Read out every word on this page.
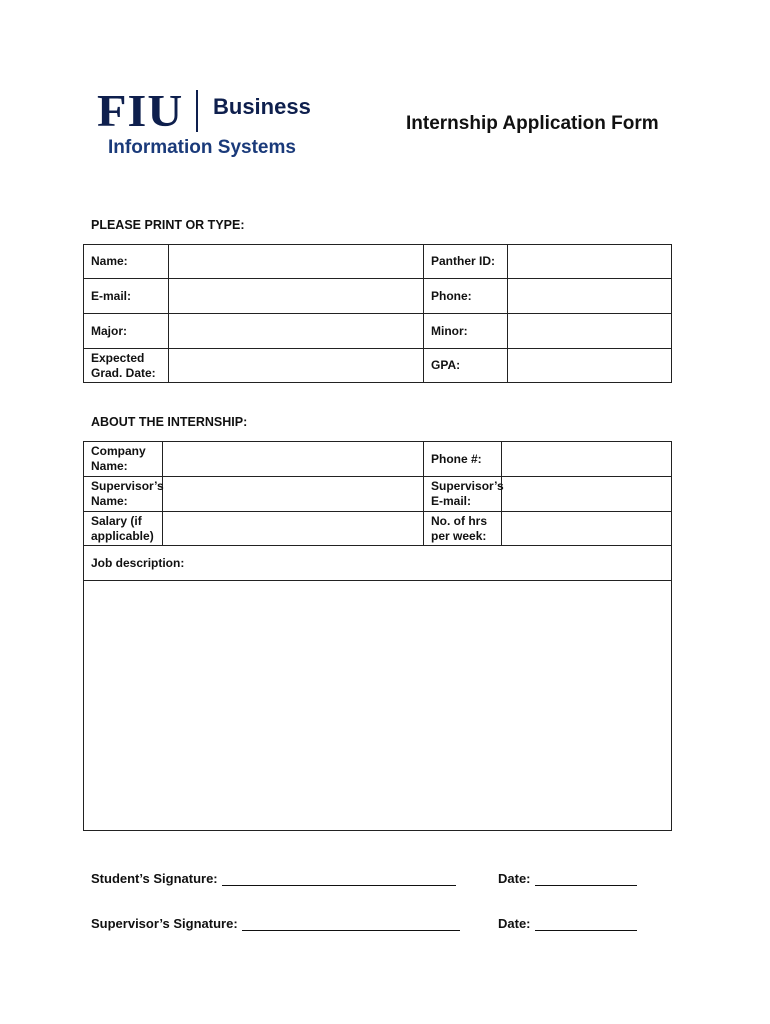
FIU Business
Information Systems
Internship Application Form
PLEASE PRINT OR TYPE:
Name:		Panther ID:	
E-mail:		Phone:	
Major:		Minor:	

Expected
Grad. Date:		GPA:	
ABOUT THE INTERNSHIP:
Company
Name:		Phone #:	

Supervisor’s
Name:		Supervisor’s
E-mail:	

Salary (if
applicable)		No. of hrs
per week:	

Job description:			

Student’s Signature:	Date:
Supervisor’s Signature:	Date:
